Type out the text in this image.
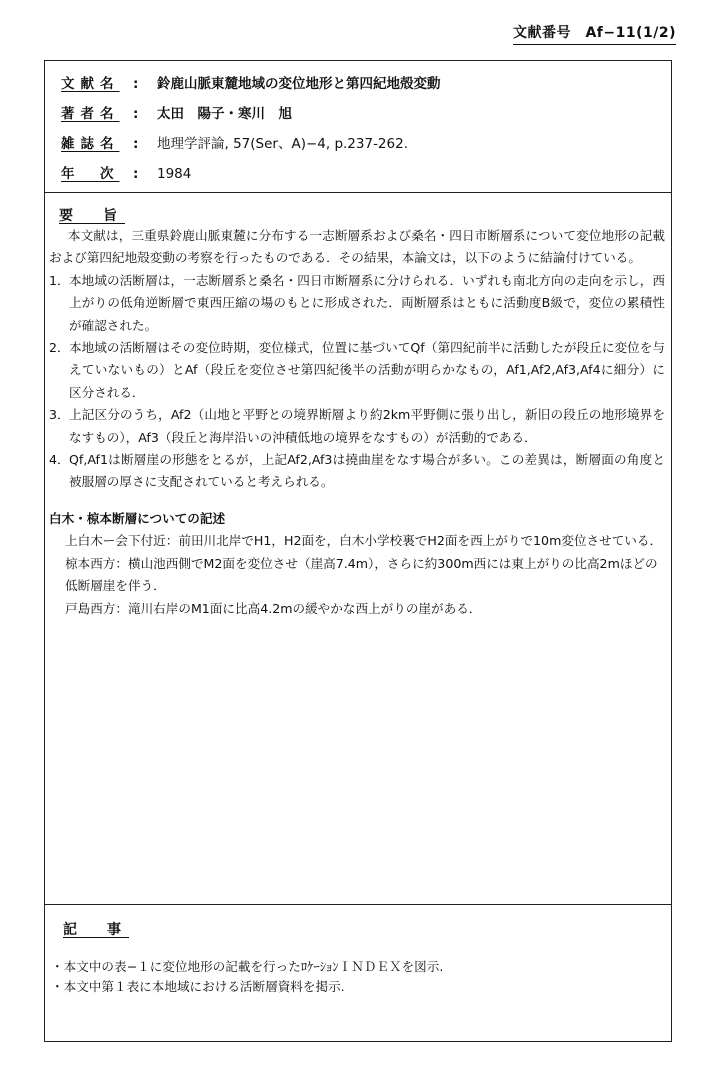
文献番号　Af−11(1/2)
文献名	: 鈴鹿山脈東麓地域の変位地形と第四紀地殻変動
著者名	: 太田　陽子・寒川　旭
雑誌名	: 地理学評論, 57(Ser、A)−4, p.237-262.
年　次	: 1984
要　旨

本文献は，三重県鈴鹿山脈東麓に分布する一志断層系および桑名・四日市断層系について変位地形の記載および第四紀地殻変動の考察を行ったものである．その結果，本論文は，以下のように結論付けている。

1． 本地域の活断層は，一志断層系と桑名・四日市断層系に分けられる．いずれも南北方向の走向を示し，西上がりの低角逆断層で東西圧縮の場のもとに形成された．両断層系はともに活動度B級で，変位の累積性が確認された。
2． 本地域の活断層はその変位時期，変位様式，位置に基づいてQf（第四紀前半に活動したが段丘に変位を与えていないもの）とAf（段丘を変位させ第四紀後半の活動が明らかなもの，Af1,Af2,Af3,Af4に細分）に区分される．
3． 上記区分のうち，Af2（山地と平野との境界断層より約2km平野側に張り出し，新旧の段丘の地形境界をなすもの），Af3（段丘と海岸沿いの沖積低地の境界をなすもの）が活動的である．
4． Qf,Af1は断層崖の形態をとるが，上記Af2,Af3は撓曲崖をなす場合が多い。この差異は，断層面の角度と被服層の厚さに支配されていると考えられる。
白木・椋本断層についての記述
上白木ー会下付近：前田川北岸でH1，H2面を，白木小学校裏でH2面を西上がりで10m変位させている．
椋本西方：横山池西側でM2面を変位させ（崖高7.4m），さらに約300m西には東上がりの比高2mほどの低断層崖を伴う．
戸島西方：滝川右岸のM1面に比高4.2mの緩やかな西上がりの崖がある．
記　事
・本文中の表−１に変位地形の記載を行ったﾛｹｰｼｮﾝＩＮＤＥＸを図示.
・本文中第１表に本地域における活断層資料を掲示.
